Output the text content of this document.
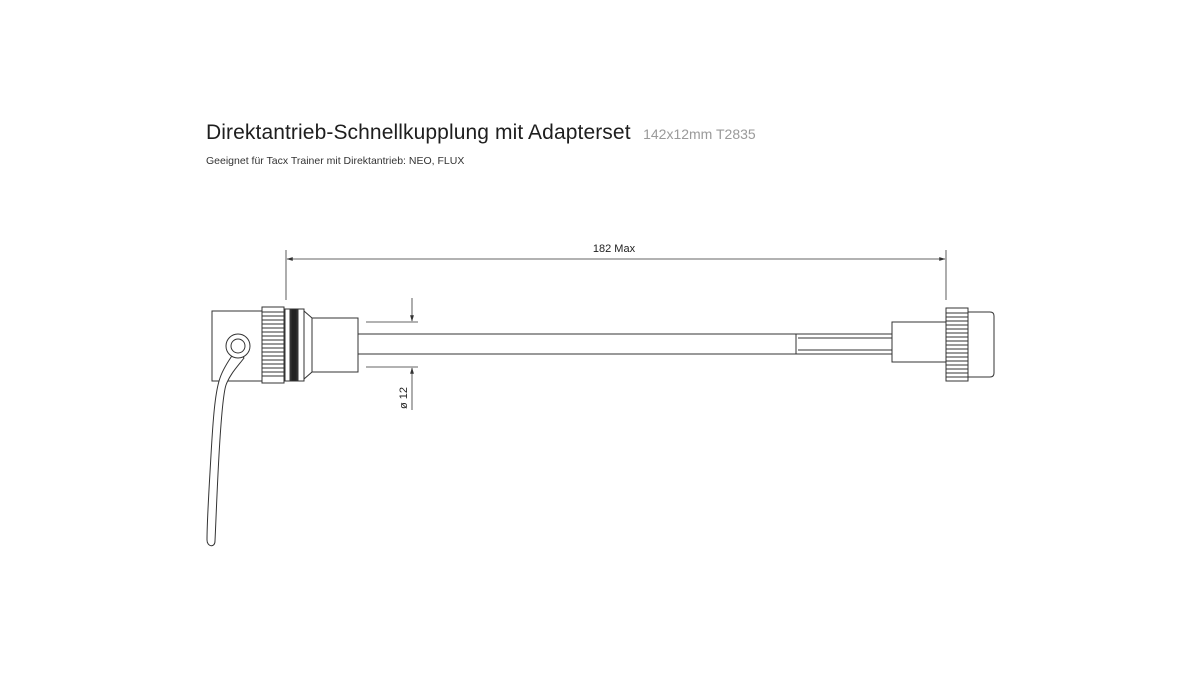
Direktantrieb-Schnellkupplung mit Adapterset 142x12mm T2835
Geeignet für Tacx Trainer mit Direktantrieb: NEO, FLUX
182 Max
ø 12
